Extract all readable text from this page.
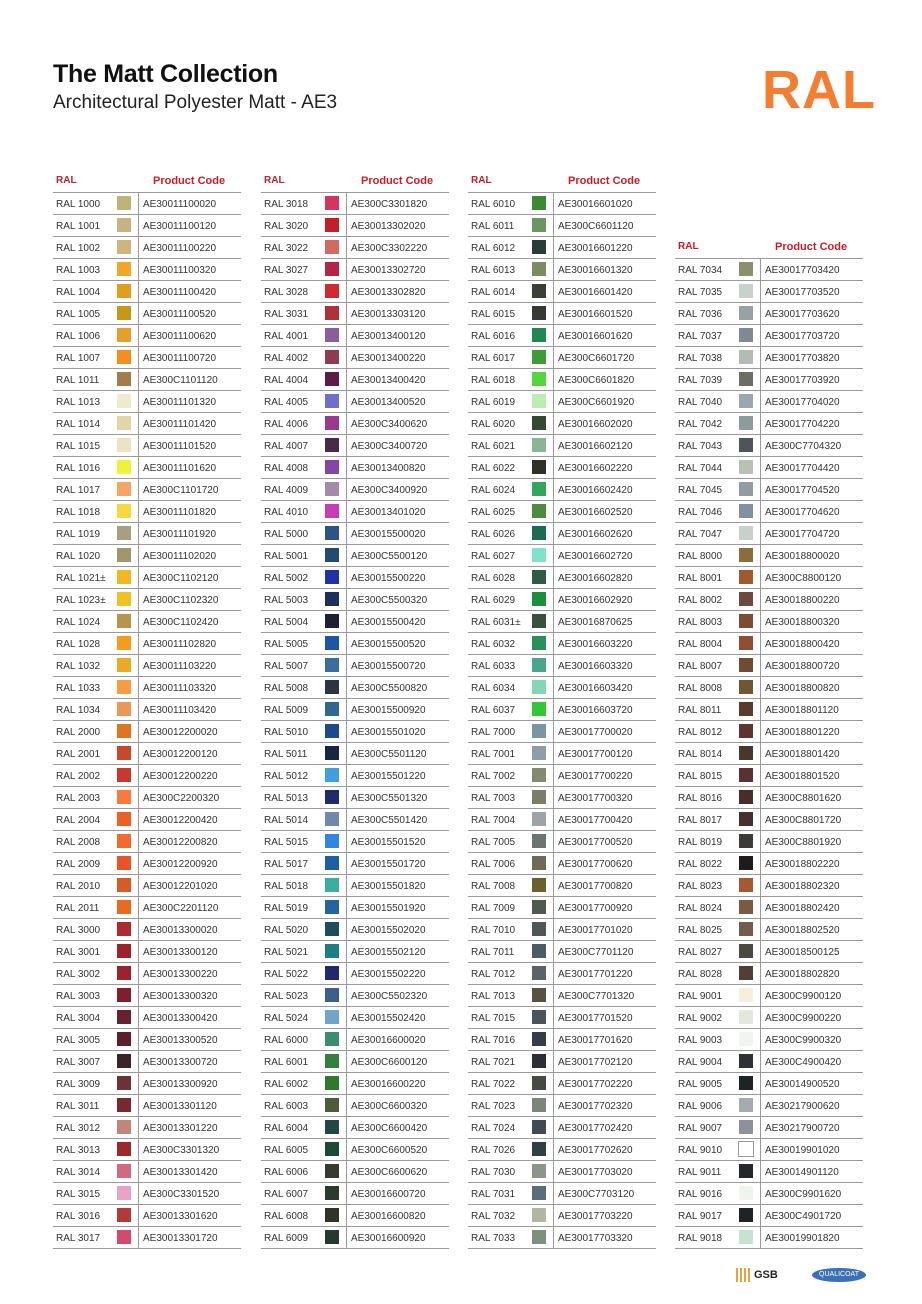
The Matt Collection
Architectural Polyester Matt - AE3	RAL
RAL	Product Code
RAL 1000	AE30011100020
RAL 1001	AE30011100120
RAL 1002	AE30011100220
RAL 1003	AE30011100320
RAL 1004	AE30011100420
RAL 1005	AE30011100520
RAL 1006	AE30011100620
RAL 1007	AE30011100720
RAL 1011	AE300C1101120
RAL 1013	AE30011101320
RAL 1014	AE30011101420
RAL 1015	AE30011101520
RAL 1016	AE30011101620
RAL 1017	AE300C1101720
RAL 1018	AE30011101820
RAL 1019	AE30011101920
RAL 1020	AE30011102020
RAL 1021±	AE300C1102120
RAL 1023±	AE300C1102320
RAL 1024	AE300C1102420
RAL 1028	AE30011102820
RAL 1032	AE30011103220
RAL 1033	AE30011103320
RAL 1034	AE30011103420
RAL 2000	AE30012200020
RAL 2001	AE30012200120
RAL 2002	AE30012200220
RAL 2003	AE300C2200320
RAL 2004	AE30012200420
RAL 2008	AE30012200820
RAL 2009	AE30012200920
RAL 2010	AE30012201020
RAL 2011	AE300C2201120
RAL 3000	AE30013300020
RAL 3001	AE30013300120
RAL 3002	AE30013300220
RAL 3003	AE30013300320
RAL 3004	AE30013300420
RAL 3005	AE30013300520
RAL 3007	AE30013300720
RAL 3009	AE30013300920
RAL 3011	AE30013301120
RAL 3012	AE30013301220
RAL 3013	AE300C3301320
RAL 3014	AE30013301420
RAL 3015	AE300C3301520
RAL 3016	AE30013301620
RAL 3017	AE30013301720
RAL	Product Code
RAL 3018	AE300C3301820
RAL 3020	AE30013302020
RAL 3022	AE300C3302220
RAL 3027	AE30013302720
RAL 3028	AE30013302820
RAL 3031	AE30013303120
RAL 4001	AE30013400120
RAL 4002	AE30013400220
RAL 4004	AE30013400420
RAL 4005	AE30013400520
RAL 4006	AE300C3400620
RAL 4007	AE300C3400720
RAL 4008	AE30013400820
RAL 4009	AE300C3400920
RAL 4010	AE30013401020
RAL 5000	AE30015500020
RAL 5001	AE300C5500120
RAL 5002	AE30015500220
RAL 5003	AE300C5500320
RAL 5004	AE30015500420
RAL 5005	AE30015500520
RAL 5007	AE30015500720
RAL 5008	AE300C5500820
RAL 5009	AE30015500920
RAL 5010	AE30015501020
RAL 5011	AE300C5501120
RAL 5012	AE30015501220
RAL 5013	AE300C5501320
RAL 5014	AE300C5501420
RAL 5015	AE30015501520
RAL 5017	AE30015501720
RAL 5018	AE30015501820
RAL 5019	AE30015501920
RAL 5020	AE30015502020
RAL 5021	AE30015502120
RAL 5022	AE30015502220
RAL 5023	AE300C5502320
RAL 5024	AE30015502420
RAL 6000	AE30016600020
RAL 6001	AE300C6600120
RAL 6002	AE30016600220
RAL 6003	AE300C6600320
RAL 6004	AE300C6600420
RAL 6005	AE300C6600520
RAL 6006	AE300C6600620
RAL 6007	AE30016600720
RAL 6008	AE30016600820
RAL 6009	AE30016600920
RAL	Product Code
RAL 6010	AE30016601020
RAL 6011	AE300C6601120
RAL 6012	AE30016601220
RAL 6013	AE30016601320
RAL 6014	AE30016601420
RAL 6015	AE30016601520
RAL 6016	AE30016601620
RAL 6017	AE300C6601720
RAL 6018	AE300C6601820
RAL 6019	AE300C6601920
RAL 6020	AE30016602020
RAL 6021	AE30016602120
RAL 6022	AE30016602220
RAL 6024	AE30016602420
RAL 6025	AE30016602520
RAL 6026	AE30016602620
RAL 6027	AE30016602720
RAL 6028	AE30016602820
RAL 6029	AE30016602920
RAL 6031±	AE30016870625
RAL 6032	AE30016603220
RAL 6033	AE30016603320
RAL 6034	AE30016603420
RAL 6037	AE30016603720
RAL 7000	AE30017700020
RAL 7001	AE30017700120
RAL 7002	AE30017700220
RAL 7003	AE30017700320
RAL 7004	AE30017700420
RAL 7005	AE30017700520
RAL 7006	AE30017700620
RAL 7008	AE30017700820
RAL 7009	AE30017700920
RAL 7010	AE30017701020
RAL 7011	AE300C7701120
RAL 7012	AE30017701220
RAL 7013	AE300C7701320
RAL 7015	AE30017701520
RAL 7016	AE30017701620
RAL 7021	AE30017702120
RAL 7022	AE30017702220
RAL 7023	AE30017702320
RAL 7024	AE30017702420
RAL 7026	AE30017702620
RAL 7030	AE30017703020
RAL 7031	AE300C7703120
RAL 7032	AE30017703220
RAL 7033	AE30017703320
RAL	Product Code
RAL 7034	AE30017703420
RAL 7035	AE30017703520
RAL 7036	AE30017703620
RAL 7037	AE30017703720
RAL 7038	AE30017703820
RAL 7039	AE30017703920
RAL 7040	AE30017704020
RAL 7042	AE30017704220
RAL 7043	AE300C7704320
RAL 7044	AE30017704420
RAL 7045	AE30017704520
RAL 7046	AE30017704620
RAL 7047	AE30017704720
RAL 8000	AE30018800020
RAL 8001	AE300C8800120
RAL 8002	AE30018800220
RAL 8003	AE30018800320
RAL 8004	AE30018800420
RAL 8007	AE30018800720
RAL 8008	AE30018800820
RAL 8011	AE30018801120
RAL 8012	AE30018801220
RAL 8014	AE30018801420
RAL 8015	AE30018801520
RAL 8016	AE300C8801620
RAL 8017	AE300C8801720
RAL 8019	AE300C8801920
RAL 8022	AE30018802220
RAL 8023	AE30018802320
RAL 8024	AE30018802420
RAL 8025	AE30018802520
RAL 8027	AE30018500125
RAL 8028	AE30018802820
RAL 9001	AE300C9900120
RAL 9002	AE300C9900220
RAL 9003	AE300C9900320
RAL 9004	AE300C4900420
RAL 9005	AE30014900520
RAL 9006	AE30217900620
RAL 9007	AE30217900720
RAL 9010	AE30019901020
RAL 9011	AE30014901120
RAL 9016	AE300C9901620
RAL 9017	AE300C4901720
RAL 9018	AE30019901820
GSB	QUALICOAT
